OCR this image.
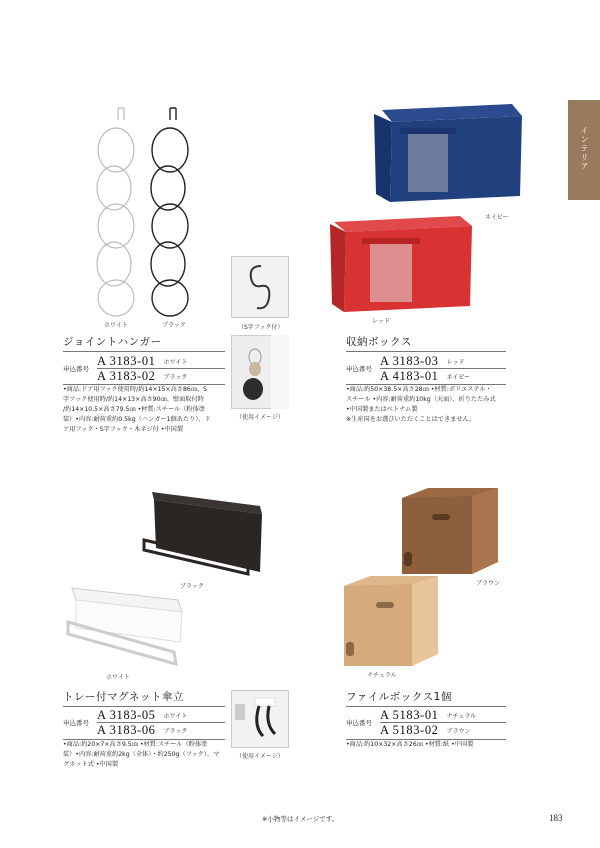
インテリア
ホワイト	ブラック	（S字フック付）
（使用イメージ）
ジョイントハンガー
申込番号
A 3183-01 ホワイト
A 3183-02 ブラック
•商品:ドア用フック使用時/約14×15×高さ86㎝、S
字フック使用時/約14×13×高さ90㎝、壁面取付時
/約14×10.5×高さ79.5㎝ •材質:スチール（粉体塗
装）•内容:耐荷重約0.5kg（ハンガー1個あたり）、ド
ア用フック・S字フック・木ネジ付 •中国製
ネイビー
レッド
収納ボックス
申込番号
A 3183-03 レッド
A 4183-01 ネイビー
•商品:約50×38.5×高さ28㎝ •材質:ポリエステル・
スチール •内容:耐荷重約10kg（天面）、折りたたみ式
•中国製またはベトナム製
※生産国をお選びいただくことはできません。
ブラック
ホワイト
（使用イメージ）
トレー付マグネット傘立
申込番号
A 3183-05 ホワイト
A 3183-06 ブラック
•商品:約20×7×高さ9.5㎝ •材質:スチール（粉体塗
装）•内容:耐荷重約2kg（全体）・約250g（フック）、マ
グネット式 •中国製
ブラウン
ナチュラル
ファイルボックス1個
申込番号
A 5183-01 ナチュラル
A 5183-02 ブラウン
•商品:約10×32×高さ26㎝ •材質:紙 •中国製
※小物等はイメージです。	183
